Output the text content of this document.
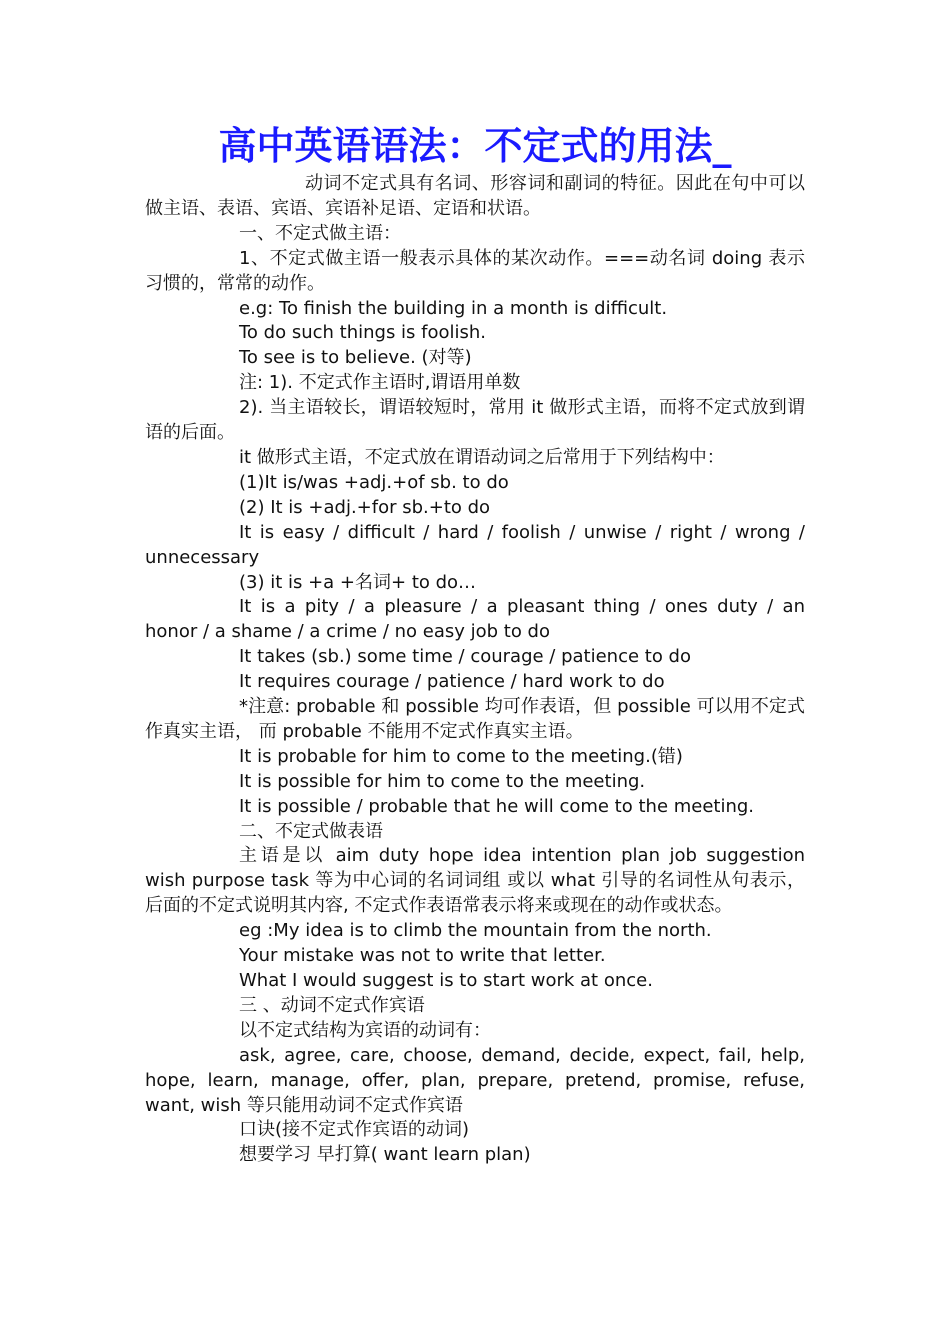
高中英语语法：不定式的用法_

动词不定式具有名词、形容词和副词的特征。因此在句中可以做主语、表语、宾语、宾语补足语、定语和状语。

一、不定式做主语：

1、不定式做主语一般表示具体的某次动作。===动名词 doing 表示习惯的，常常的动作。

e.g: To finish the building in a month is difficult.

To do such things is foolish.

To see is to believe. (对等)

注: 1). 不定式作主语时,谓语用单数

2). 当主语较长，谓语较短时，常用 it 做形式主语，而将不定式放到谓语的后面。

it 做形式主语，不定式放在谓语动词之后常用于下列结构中：

(1)It is/was +adj.+of sb. to do

(2) It is +adj.+for sb.+to do

It is easy / difficult / hard / foolish / unwise / right / wrong / unnecessary

(3) it is +a +名词+ to do…

It is a pity / a pleasure / a pleasant thing / ones duty / an honor / a shame / a crime / no easy job to do

It takes (sb.) some time / courage / patience to do

It requires courage / patience / hard work to do

*注意: probable 和 possible 均可作表语，但 possible 可以用不定式作真实主语， 而 probable 不能用不定式作真实主语。

It is probable for him to come to the meeting.(错)

It is possible for him to come to the meeting.

It is possible / probable that he will come to the meeting.

二、不定式做表语

主语是以 aim duty hope idea intention plan job suggestion wish purpose task 等为中心词的名词词组 或以 what 引导的名词性从句表示，后面的不定式说明其内容, 不定式作表语常表示将来或现在的动作或状态。

eg :My idea is to climb the mountain from the north.

Your mistake was not to write that letter.

What I would suggest is to start work at once.

三 、动词不定式作宾语

以不定式结构为宾语的动词有：

ask, agree, care, choose, demand, decide, expect, fail, help, hope, learn, manage, offer, plan, prepare, pretend, promise, refuse, want, wish 等只能用动词不定式作宾语

口诀(接不定式作宾语的动词)

想要学习 早打算( want learn plan)
